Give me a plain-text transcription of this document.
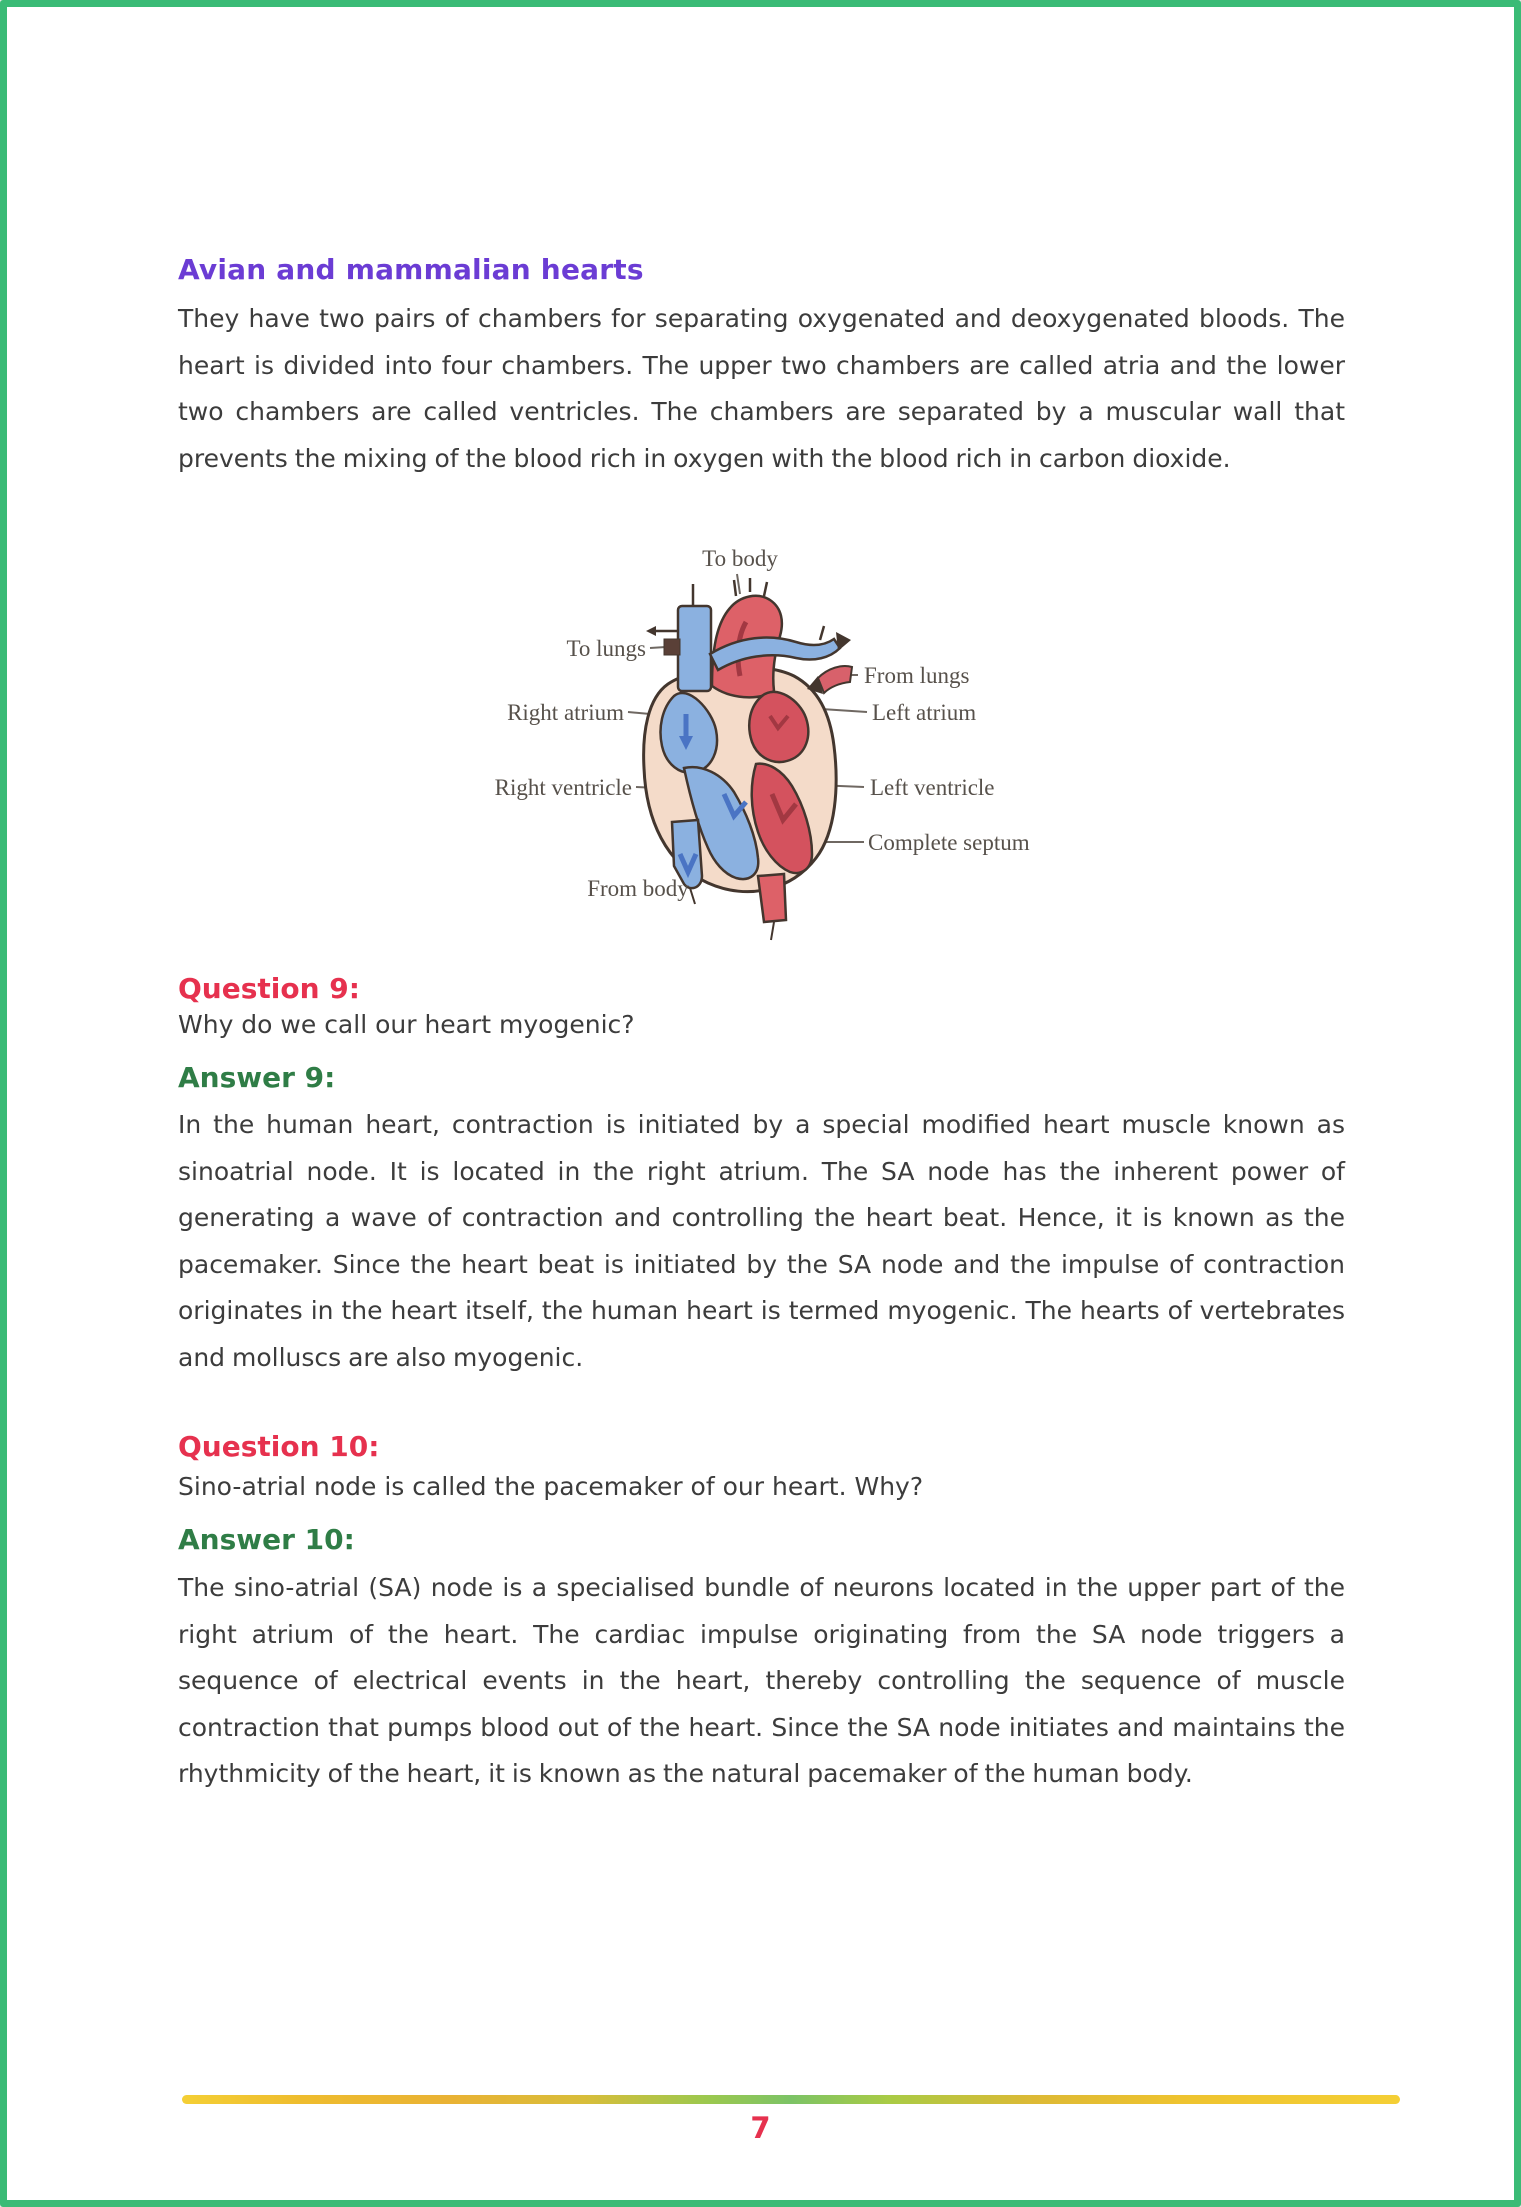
Avian and mammalian hearts
They have two pairs of chambers for separating oxygenated and deoxygenated bloods. The heart is divided into four chambers. The upper two chambers are called atria and the lower two chambers are called ventricles. The chambers are separated by a muscular wall that prevents the mixing of the blood rich in oxygen with the blood rich in carbon dioxide.
To body
To lungs
From lungs
Right atrium	Left atrium
Right ventricle	Left ventricle
Complete septum
From body
Question 9:
Why do we call our heart myogenic?
Answer 9:
In the human heart, contraction is initiated by a special modified heart muscle known as sinoatrial node. It is located in the right atrium. The SA node has the inherent power of generating a wave of contraction and controlling the heart beat. Hence, it is known as the pacemaker. Since the heart beat is initiated by the SA node and the impulse of contraction originates in the heart itself, the human heart is termed myogenic. The hearts of vertebrates and molluscs are also myogenic.
Question 10:
Sino-atrial node is called the pacemaker of our heart. Why?
Answer 10:
The sino-atrial (SA) node is a specialised bundle of neurons located in the upper part of the right atrium of the heart. The cardiac impulse originating from the SA node triggers a sequence of electrical events in the heart, thereby controlling the sequence of muscle contraction that pumps blood out of the heart. Since the SA node initiates and maintains the rhythmicity of the heart, it is known as the natural pacemaker of the human body.
7
